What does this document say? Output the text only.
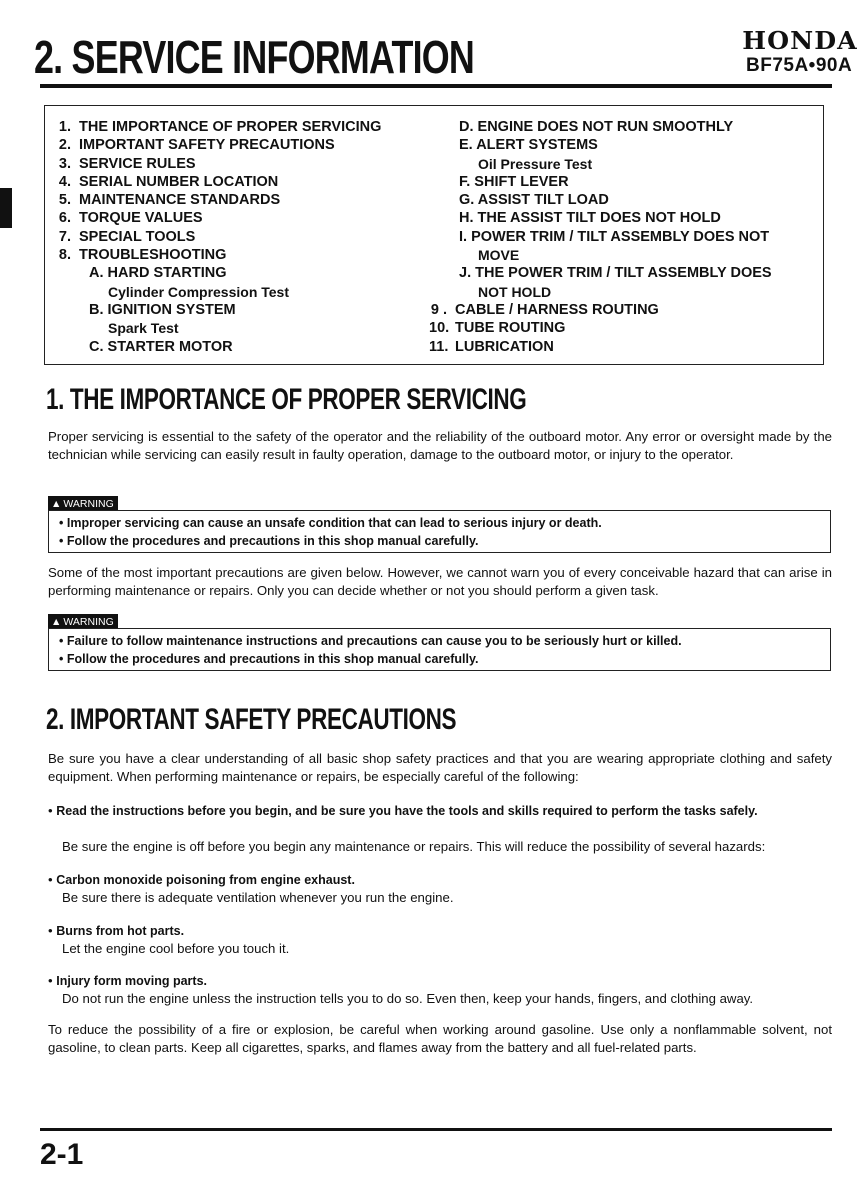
2. SERVICE INFORMATION	HONDA
BF75A•90A
1. THE IMPORTANCE OF PROPER SERVICING
2. IMPORTANT SAFETY PRECAUTIONS
3. SERVICE RULES
4. SERIAL NUMBER LOCATION
5. MAINTENANCE STANDARDS
6. TORQUE VALUES
7. SPECIAL TOOLS
8. TROUBLESHOOTING
A. HARD STARTING
Cylinder Compression Test
B. IGNITION SYSTEM
Spark Test
C. STARTER MOTOR
D. ENGINE DOES NOT RUN SMOOTHLY
E. ALERT SYSTEMS
Oil Pressure Test
F. SHIFT LEVER
G. ASSIST TILT LOAD
H. THE ASSIST TILT DOES NOT HOLD
I. POWER TRIM / TILT ASSEMBLY DOES NOT
MOVE
J. THE POWER TRIM / TILT ASSEMBLY DOES
NOT HOLD
9 . CABLE / HARNESS ROUTING
10. TUBE ROUTING
11. LUBRICATION
1. THE IMPORTANCE OF PROPER SERVICING
Proper servicing is essential to the safety of the operator and the reliability of the outboard motor. Any error or oversight made by the technician while servicing can easily result in faulty operation, damage to the outboard motor, or injury to the operator.
▲ WARNING
• Improper servicing can cause an unsafe condition that can lead to serious injury or death.
• Follow the procedures and precautions in this shop manual carefully.
Some of the most important precautions are given below. However, we cannot warn you of every conceivable hazard that can arise in performing maintenance or repairs. Only you can decide whether or not you should perform a given task.
▲ WARNING
• Failure to follow maintenance instructions and precautions can cause you to be seriously hurt or killed.
• Follow the procedures and precautions in this shop manual carefully.
2. IMPORTANT SAFETY PRECAUTIONS
Be sure you have a clear understanding of all basic shop safety practices and that you are wearing appropriate clothing and safety equipment. When performing maintenance or repairs, be especially careful of the following:
• Read the instructions before you begin, and be sure you have the tools and skills required to perform the tasks safely.
Be sure the engine is off before you begin any maintenance or repairs. This will reduce the possibility of several hazards:
• Carbon monoxide poisoning from engine exhaust.
Be sure there is adequate ventilation whenever you run the engine.
• Burns from hot parts.
Let the engine cool before you touch it.
• Injury form moving parts.
Do not run the engine unless the instruction tells you to do so. Even then, keep your hands, fingers, and clothing away.
To reduce the possibility of a fire or explosion, be careful when working around gasoline. Use only a nonflammable solvent, not gasoline, to clean parts. Keep all cigarettes, sparks, and flames away from the battery and all fuel-related parts.
2-1
